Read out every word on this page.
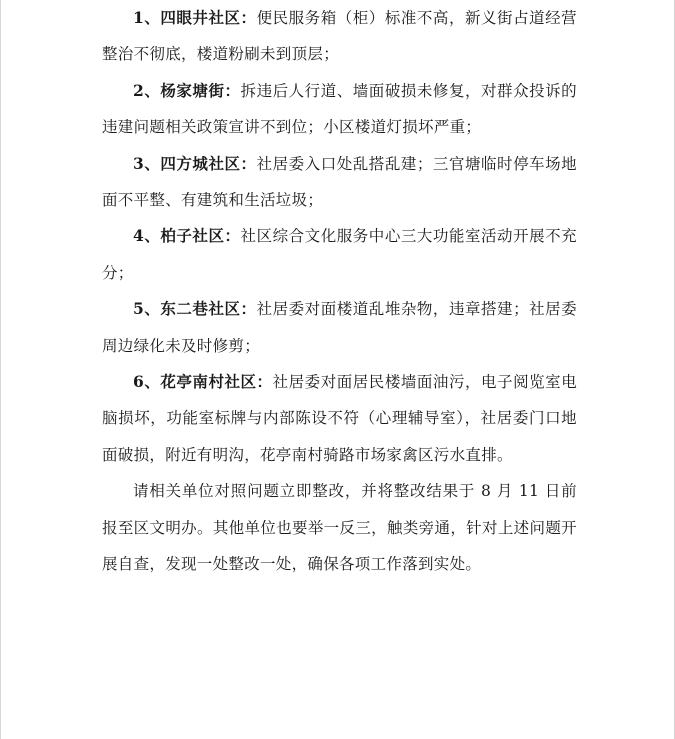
1、四眼井社区：便民服务箱（柜）标准不高，新义街占道经营整治不彻底，楼道粉刷未到顶层；

2、杨家塘街：拆违后人行道、墙面破损未修复，对群众投诉的违建问题相关政策宣讲不到位；小区楼道灯损坏严重；

3、四方城社区：社居委入口处乱搭乱建；三官塘临时停车场地面不平整、有建筑和生活垃圾；

4、柏子社区：社区综合文化服务中心三大功能室活动开展不充分；

5、东二巷社区：社居委对面楼道乱堆杂物，违章搭建；社居委周边绿化未及时修剪；

6、花亭南村社区：社居委对面居民楼墙面油污，电子阅览室电脑损坏，功能室标牌与内部陈设不符（心理辅导室），社居委门口地面破损，附近有明沟，花亭南村骑路市场家禽区污水直排。

请相关单位对照问题立即整改，并将整改结果于 8 月 11 日前报至区文明办。其他单位也要举一反三，触类旁通，针对上述问题开展自查，发现一处整改一处，确保各项工作落到实处。
